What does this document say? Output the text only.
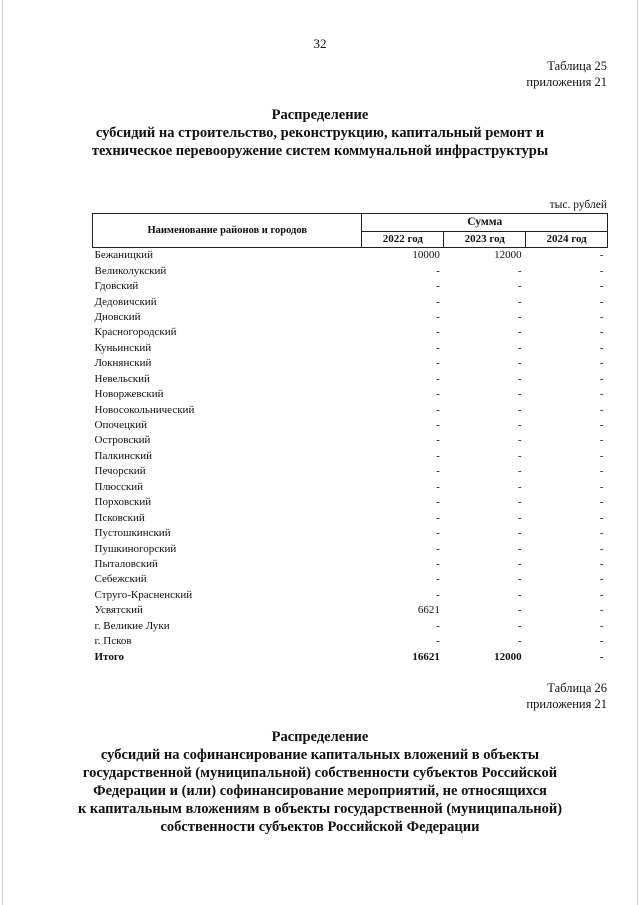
32
Таблица 25
приложения 21
Распределение
субсидий на строительство, реконструкцию, капитальный ремонт и
техническое перевооружение систем коммунальной инфраструктуры
тыс. рублей
Наименование районов и городов	Сумма		
	2022 год	2023 год	2024 год
Бежаницкий	10000	12000	-
Великолукский	-	-	-
Гдовский	-	-	-
Дедовичский	-	-	-
Дновский	-	-	-
Красногородский	-	-	-
Куньинский	-	-	-
Локнянский	-	-	-
Невельский	-	-	-
Новоржевский	-	-	-
Новосокольнический	-	-	-
Опочецкий	-	-	-
Островский	-	-	-
Палкинский	-	-	-
Печорский	-	-	-
Плюсский	-	-	-
Порховский	-	-	-
Псковский	-	-	-
Пустошкинский	-	-	-
Пушкиногорский	-	-	-
Пыталовский	-	-	-
Себежский	-	-	-
Струго-Красненский	-	-	-
Усвятский	6621	-	-
г. Великие Луки	-	-	-
г. Псков	-	-	-
Итого	16621	12000	-
Таблица 26
приложения 21
Распределение
субсидий на софинансирование капитальных вложений в объекты
государственной (муниципальной) собственности субъектов Российской
Федерации и (или) софинансирование мероприятий, не относящихся
к капитальным вложениям в объекты государственной (муниципальной)
собственности субъектов Российской Федерации
